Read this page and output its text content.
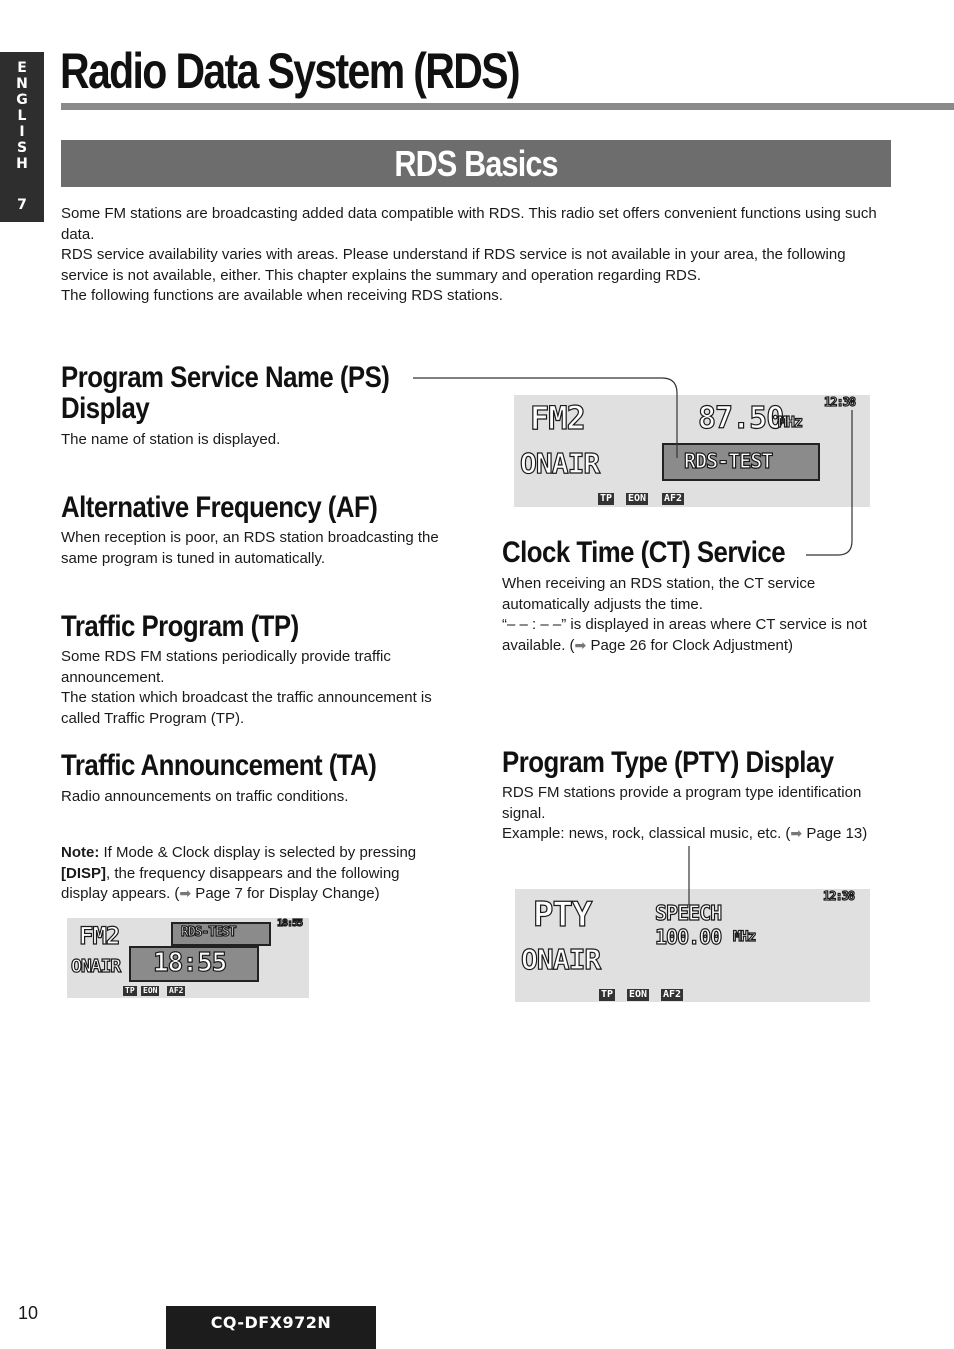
E
N
G
L
I
S
H
7
Radio Data System (RDS)
RDS Basics

Some FM stations are broadcasting added data compatible with RDS. This radio set offers convenient functions using such data.

RDS service availability varies with areas. Please understand if RDS service is not available in your area, the following service is not available, either. This chapter explains the summary and operation regarding RDS.

The following functions are available when receiving RDS stations.

Program Service Name (PS)
Display
The name of station is displayed.
Alternative Frequency (AF)
When reception is poor, an RDS station broadcasting the same program is tuned in automatically.
Traffic Program (TP)

Some RDS FM stations periodically provide traffic announcement.

The station which broadcast the traffic announcement is called Traffic Program (TP).

Traffic Announcement (TA)
Radio announcements on traffic conditions.
Note: If Mode & Clock display is selected by pressing [DISP], the frequency disappears and the following display appears. (➡ Page 7 for Display Change)
Clock Time (CT) Service

When receiving an RDS station, the CT service automatically adjusts the time.

“– – : – –” is displayed in areas where CT service is not available. (➡ Page 26 for Clock Adjustment)

Program Type (PTY) Display

RDS FM stations provide a program type identification signal.

Example: news, rock, classical music, etc. (➡ Page 13)

FM2	87.50
MHz
12:38
ONAIR	RDS-TEST
TP EON AF2
FM2	RDS-TEST
18:55
ONAIR 18:55
TP EON AF2
PTY	SPEECH
100.00 MHz
12:38
ONAIR
TP EON AF2
10	CQ-DFX972N
